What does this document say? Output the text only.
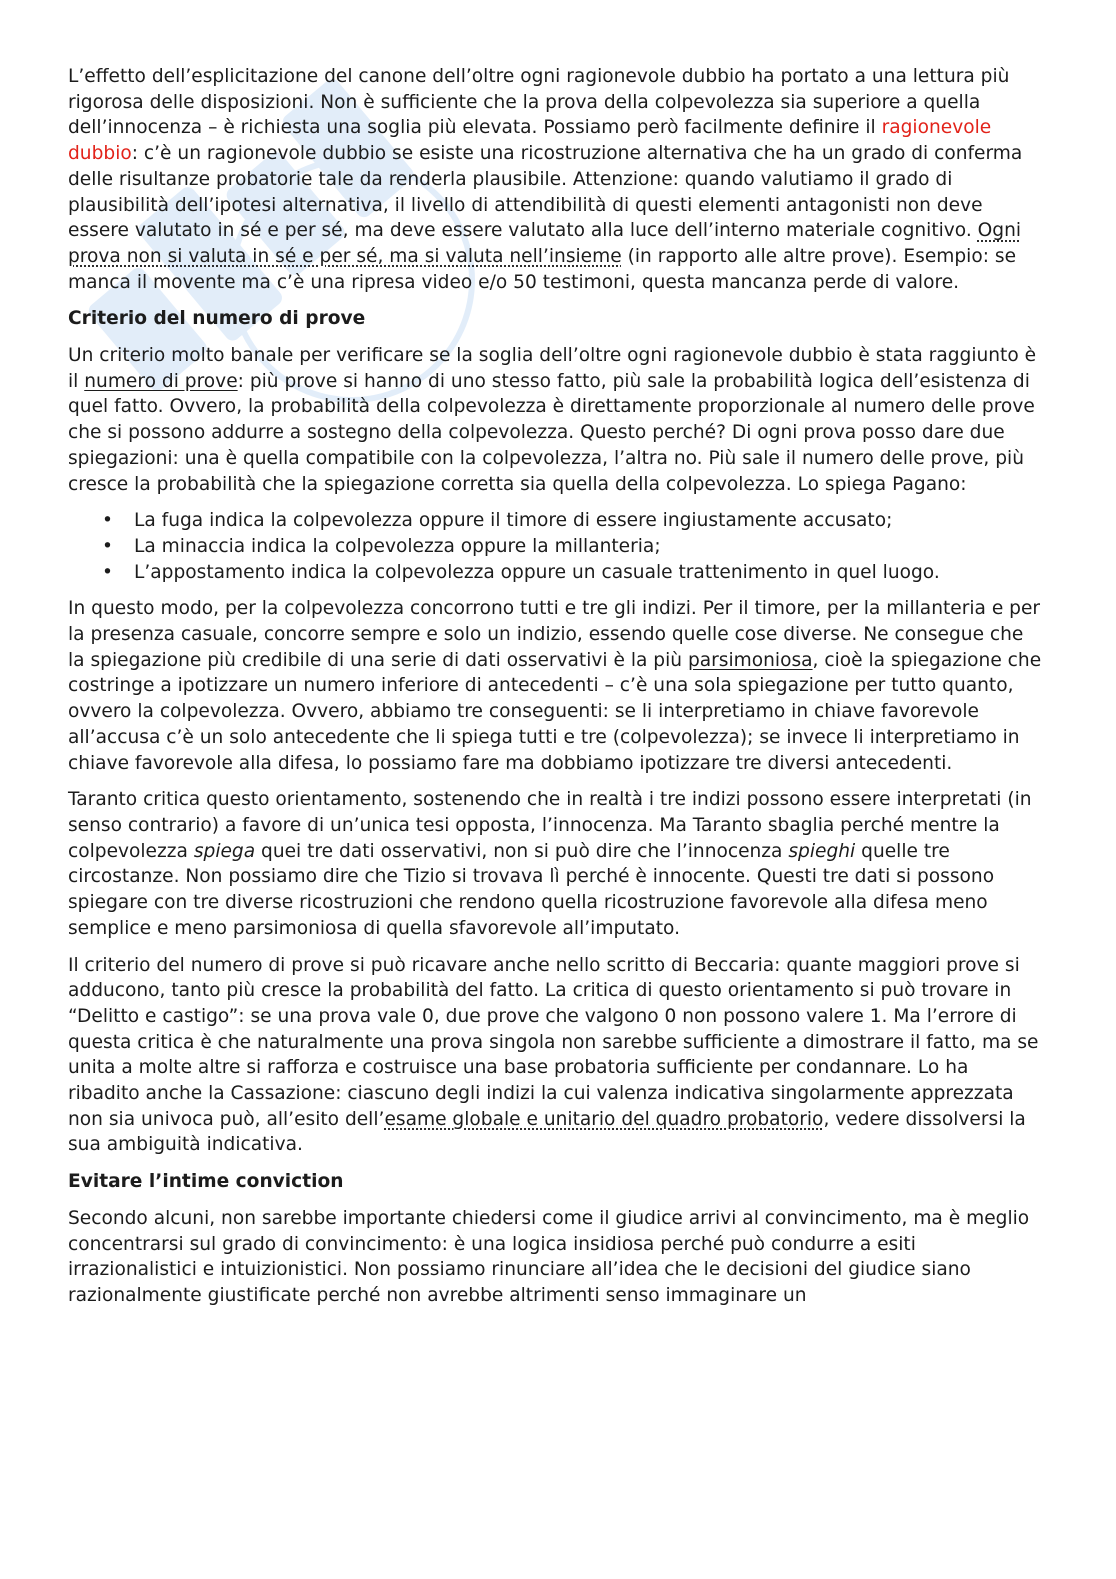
L’effetto dell’esplicitazione del canone dell’oltre ogni ragionevole dubbio ha portato a una lettura più rigorosa delle disposizioni. Non è sufficiente che la prova della colpevolezza sia superiore a quella dell’innocenza – è richiesta una soglia più elevata. Possiamo però facilmente definire il ragionevole dubbio: c’è un ragionevole dubbio se esiste una ricostruzione alternativa che ha un grado di conferma delle risultanze probatorie tale da renderla plausibile. Attenzione: quando valutiamo il grado di plausibilità dell’ipotesi alternativa, il livello di attendibilità di questi elementi antagonisti non deve essere valutato in sé e per sé, ma deve essere valutato alla luce dell’interno materiale cognitivo. Ogni prova non si valuta in sé e per sé, ma si valuta nell’insieme (in rapporto alle altre prove). Esempio: se manca il movente ma c’è una ripresa video e/o 50 testimoni, questa mancanza perde di valore.

Criterio del numero di prove

Un criterio molto banale per verificare se la soglia dell’oltre ogni ragionevole dubbio è stata raggiunto è il numero di prove: più prove si hanno di uno stesso fatto, più sale la probabilità logica dell’esistenza di quel fatto. Ovvero, la probabilità della colpevolezza è direttamente proporzionale al numero delle prove che si possono addurre a sostegno della colpevolezza. Questo perché? Di ogni prova posso dare due spiegazioni: una è quella compatibile con la colpevolezza, l’altra no. Più sale il numero delle prove, più cresce la probabilità che la spiegazione corretta sia quella della colpevolezza. Lo spiega Pagano:

• La fuga indica la colpevolezza oppure il timore di essere ingiustamente accusato;
• La minaccia indica la colpevolezza oppure la millanteria;
• L’appostamento indica la colpevolezza oppure un casuale trattenimento in quel luogo.

In questo modo, per la colpevolezza concorrono tutti e tre gli indizi. Per il timore, per la millanteria e per la presenza casuale, concorre sempre e solo un indizio, essendo quelle cose diverse. Ne consegue che la spiegazione più credibile di una serie di dati osservativi è la più parsimoniosa, cioè la spiegazione che costringe a ipotizzare un numero inferiore di antecedenti – c’è una sola spiegazione per tutto quanto, ovvero la colpevolezza. Ovvero, abbiamo tre conseguenti: se li interpretiamo in chiave favorevole all’accusa c’è un solo antecedente che li spiega tutti e tre (colpevolezza); se invece li interpretiamo in chiave favorevole alla difesa, lo possiamo fare ma dobbiamo ipotizzare tre diversi antecedenti.

Taranto critica questo orientamento, sostenendo che in realtà i tre indizi possono essere interpretati (in senso contrario) a favore di un’unica tesi opposta, l’innocenza. Ma Taranto sbaglia perché mentre la colpevolezza spiega quei tre dati osservativi, non si può dire che l’innocenza spieghi quelle tre circostanze. Non possiamo dire che Tizio si trovava lì perché è innocente. Questi tre dati si possono spiegare con tre diverse ricostruzioni che rendono quella ricostruzione favorevole alla difesa meno semplice e meno parsimoniosa di quella sfavorevole all’imputato.

Il criterio del numero di prove si può ricavare anche nello scritto di Beccaria: quante maggiori prove si adducono, tanto più cresce la probabilità del fatto. La critica di questo orientamento si può trovare in “Delitto e castigo”: se una prova vale 0, due prove che valgono 0 non possono valere 1. Ma l’errore di questa critica è che naturalmente una prova singola non sarebbe sufficiente a dimostrare il fatto, ma se unita a molte altre si rafforza e costruisce una base probatoria sufficiente per condannare. Lo ha ribadito anche la Cassazione: ciascuno degli indizi la cui valenza indicativa singolarmente apprezzata non sia univoca può, all’esito dell’esame globale e unitario del quadro probatorio, vedere dissolversi la sua ambiguità indicativa.

Evitare l’intime conviction

Secondo alcuni, non sarebbe importante chiedersi come il giudice arrivi al convincimento, ma è meglio concentrarsi sul grado di convincimento: è una logica insidiosa perché può condurre a esiti irrazionalistici e intuizionistici. Non possiamo rinunciare all’idea che le decisioni del giudice siano razionalmente giustificate perché non avrebbe altrimenti senso immaginare un
